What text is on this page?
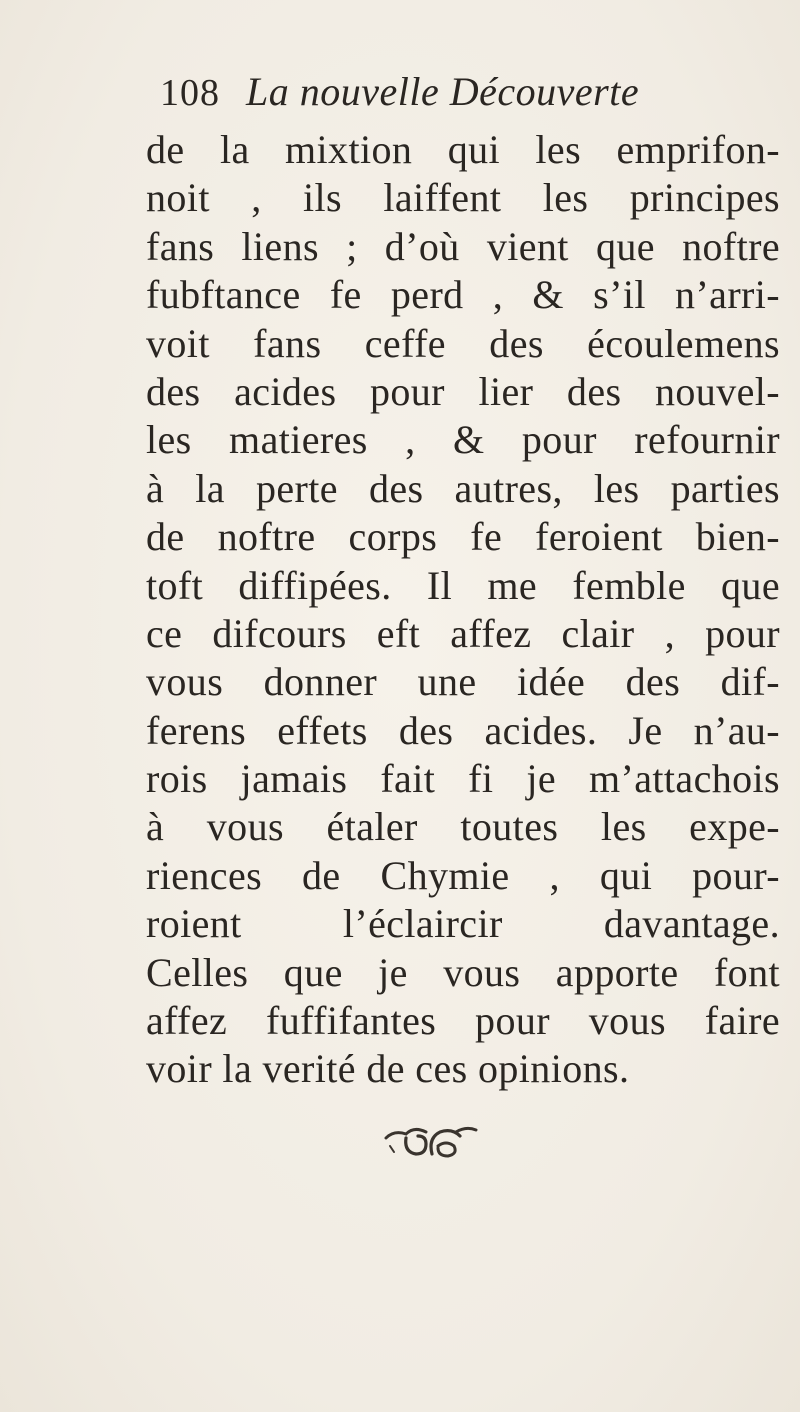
108 La nouvelle Découverte
de la mixtion qui les emprifon-
noit , ils laiffent les principes
fans liens ; d’où vient que noftre
fubftance fe perd , & s’il n’arri-
voit fans ceffe des écoulemens
des acides pour lier des nouvel-
les matieres , & pour refournir
à la perte des autres, les parties
de noftre corps fe feroient bien-
toft diffipées. Il me femble que
ce difcours eft affez clair , pour
vous donner une idée des dif-
ferens effets des acides. Je n’au-
rois jamais fait fi je m’attachois
à vous étaler toutes les expe-
riences de Chymie , qui pour-
roient l’éclaircir davantage.
Celles que je vous apporte font
affez fuffifantes pour vous faire
voir la verité de ces opinions.
